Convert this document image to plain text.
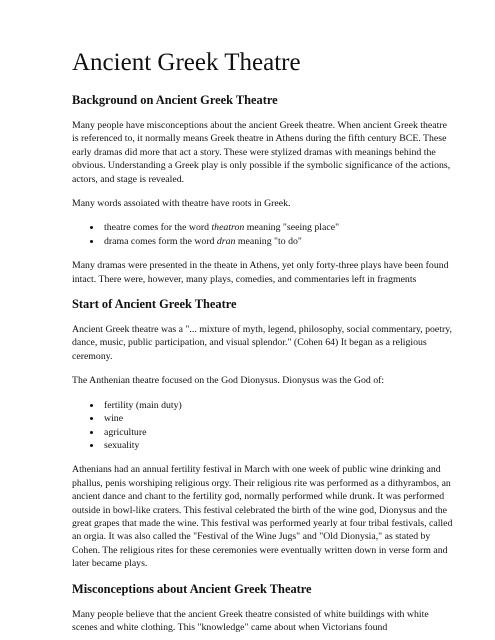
Ancient Greek Theatre
Background on Ancient Greek Theatre

Many people have misconceptions about the ancient Greek theatre. When ancient Greek theatre is referenced to, it normally means Greek theatre in Athens during the fifth century BCE. These early dramas did more that act a story. These were stylized dramas with meanings behind the obvious. Understanding a Greek play is only possible if the symbolic significance of the actions, actors, and stage is revealed.

Many words assoiated with theatre have roots in Greek.

• theatre comes for the word theatron meaning "seeing place"
• drama comes form the word dran meaning "to do"

Many dramas were presented in the theate in Athens, yet only forty-three plays have been found intact. There were, however, many plays, comedies, and commentaries left in fragments

Start of Ancient Greek Theatre

Ancient Greek theatre was a "... mixture of myth, legend, philosophy, social commentary, poetry, dance, music, public participation, and visual splendor." (Cohen 64) It began as a religious ceremony.

The Anthenian theatre focused on the God Dionysus. Dionysus was the God of:

• fertility (main duty)
• wine
• agriculture
• sexuality

Athenians had an annual fertility festival in March with one week of public wine drinking and phallus, penis worshiping religious orgy. Their religious rite was performed as a dithyrambos, an ancient dance and chant to the fertility god, normally performed while drunk. It was performed outside in bowl-like craters. This festival celebrated the birth of the wine god, Dionysus and the great grapes that made the wine. This festival was performed yearly at four tribal festivals, called an orgia. It was also called the "Festival of the Wine Jugs" and "Old Dionysia," as stated by Cohen. The religious rites for these ceremonies were eventually written down in verse form and later became plays.

Misconceptions about Ancient Greek Theatre

Many people believe that the ancient Greek theatre consisted of white buildings with white scenes and white clothing. This "knowledge" came about when Victorians found
